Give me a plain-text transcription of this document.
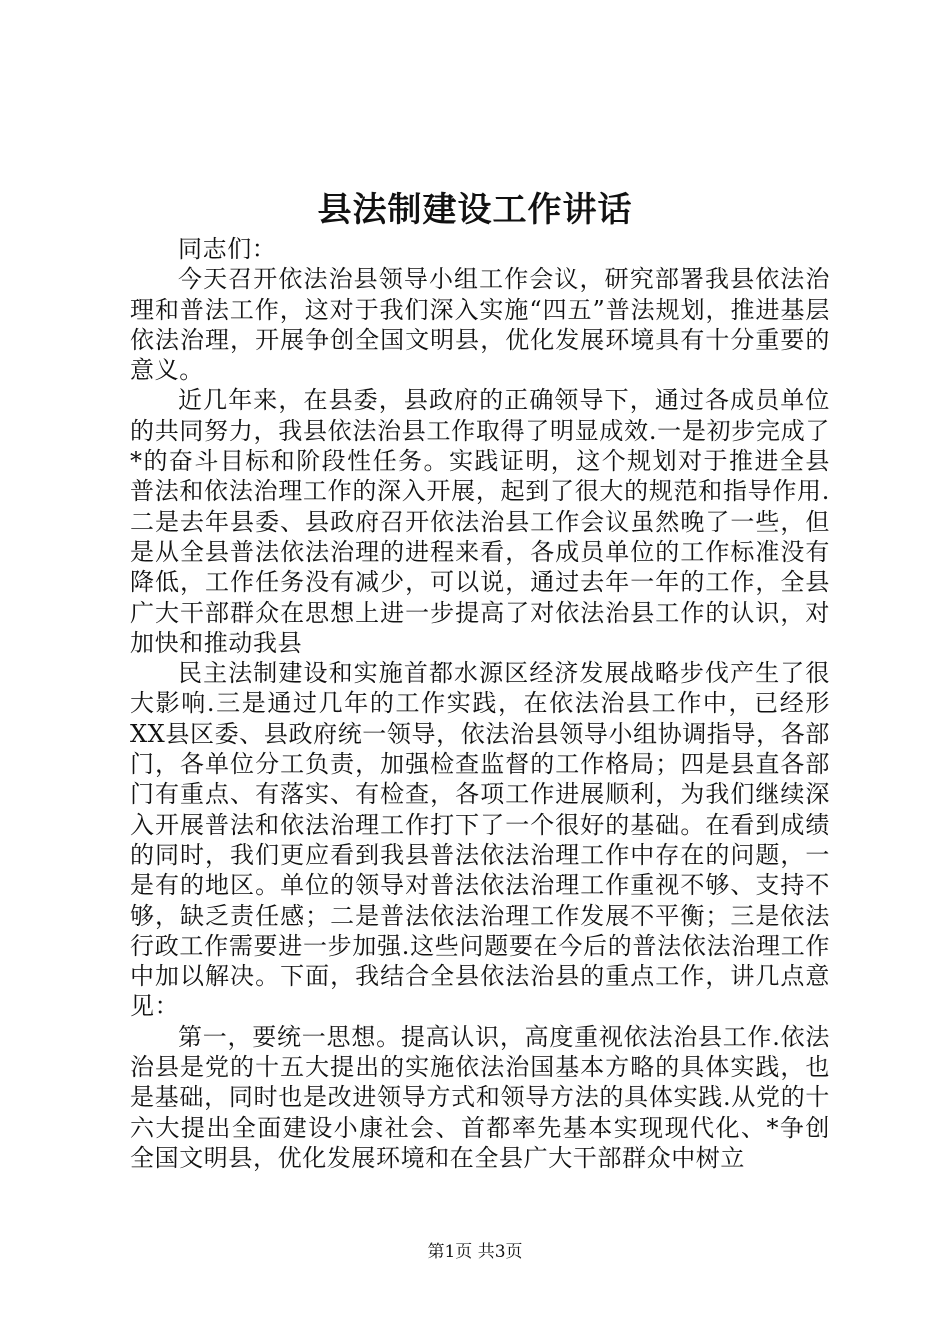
县法制建设工作讲话

同志们：

今天召开依法治县领导小组工作会议，研究部署我县依法治理和普法工作，这对于我们深入实施“四五”普法规划，推进基层依法治理，开展争创全国文明县，优化发展环境具有十分重要的意义。

近几年来，在县委，县政府的正确领导下，通过各成员单位的共同努力，我县依法治县工作取得了明显成效.一是初步完成了*的奋斗目标和阶段性任务。实践证明，这个规划对于推进全县普法和依法治理工作的深入开展，起到了很大的规范和指导作用.二是去年县委、县政府召开依法治县工作会议虽然晚了一些，但是从全县普法依法治理的进程来看，各成员单位的工作标准没有降低，工作任务没有减少，可以说，通过去年一年的工作，全县广大干部群众在思想上进一步提高了对依法治县工作的认识，对加快和推动我县

民主法制建设和实施首都水源区经济发展战略步伐产生了很大影响.三是通过几年的工作实践，在依法治县工作中，已经形XX县区委、县政府统一领导，依法治县领导小组协调指导，各部门，各单位分工负责，加强检查监督的工作格局；四是县直各部门有重点、有落实、有检查，各项工作进展顺利，为我们继续深入开展普法和依法治理工作打下了一个很好的基础。在看到成绩的同时，我们更应看到我县普法依法治理工作中存在的问题，一是有的地区。单位的领导对普法依法治理工作重视不够、支持不够，缺乏责任感；二是普法依法治理工作发展不平衡；三是依法行政工作需要进一步加强.这些问题要在今后的普法依法治理工作中加以解决。下面，我结合全县依法治县的重点工作，讲几点意见：

第一，要统一思想。提高认识，高度重视依法治县工作.依法治县是党的十五大提出的实施依法治国基本方略的具体实践，也是基础，同时也是改进领导方式和领导方法的具体实践.从党的十六大提出全面建设小康社会、首都率先基本实现现代化、*争创全国文明县，优化发展环境和在全县广大干部群众中树立

第1页 共3页
